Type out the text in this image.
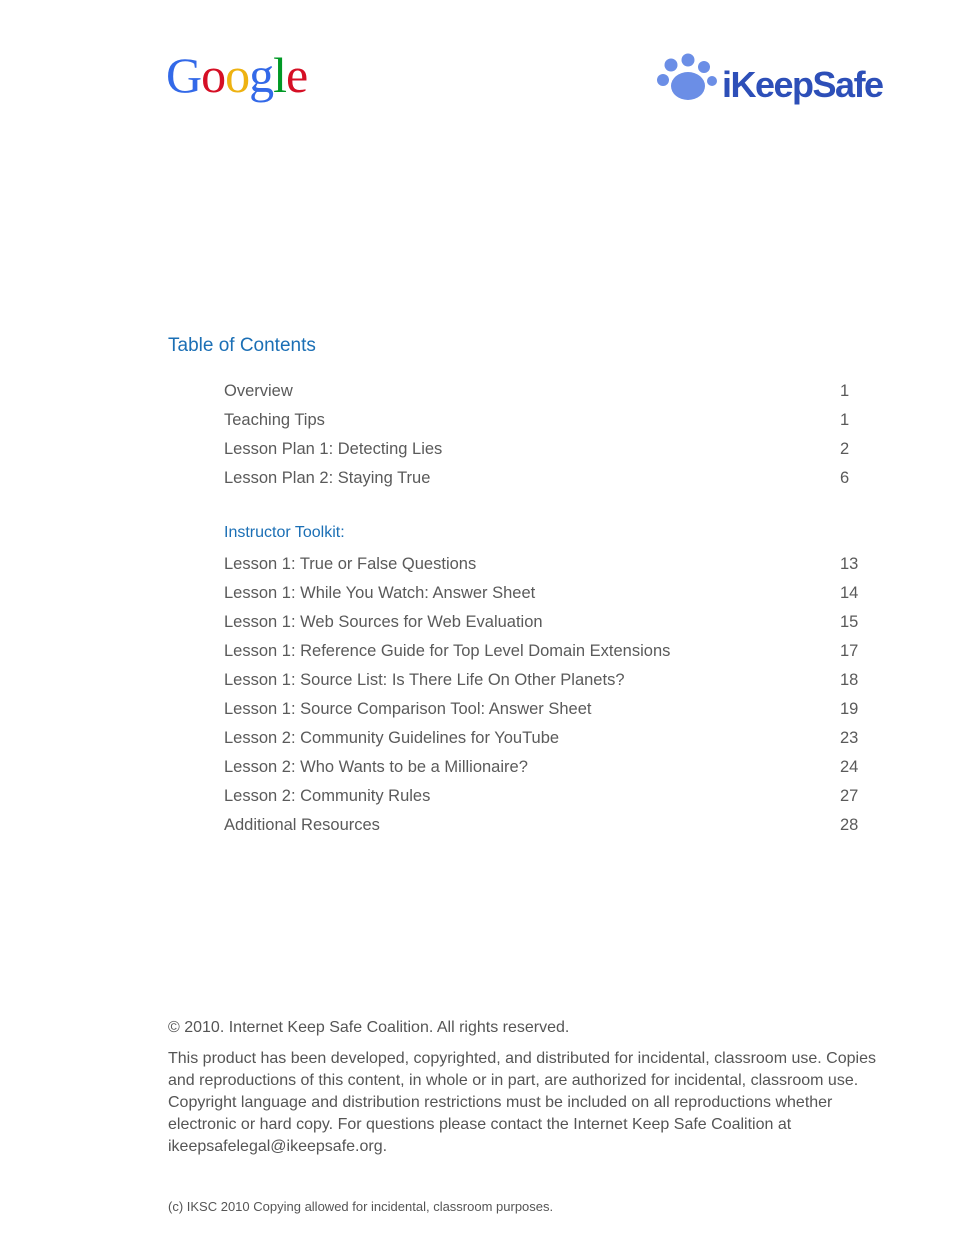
Google	iKeepSafe
Table of Contents
Overview	1
Teaching Tips	1
Lesson Plan 1: Detecting Lies	2
Lesson Plan 2: Staying True	6
Instructor Toolkit:
Lesson 1: True or False Questions	13
Lesson 1: While You Watch: Answer Sheet	14
Lesson 1: Web Sources for Web Evaluation	15
Lesson 1: Reference Guide for Top Level Domain Extensions	17
Lesson 1: Source List: Is There Life On Other Planets?	18
Lesson 1: Source Comparison Tool: Answer Sheet	19
Lesson 2: Community Guidelines for YouTube	23
Lesson 2: Who Wants to be a Millionaire?	24
Lesson 2: Community Rules	27
Additional Resources	28

© 2010. Internet Keep Safe Coalition. All rights reserved.

This product has been developed, copyrighted, and distributed for incidental, classroom use. Copies and reproductions of this content, in whole or in part, are authorized for incidental, classroom use. Copyright language and distribution restrictions must be included on all reproductions whether electronic or hard copy. For questions please contact the Internet Keep Safe Coalition at ikeepsafelegal@ikeepsafe.org.

(c) IKSC 2010 Copying allowed for incidental, classroom purposes.
